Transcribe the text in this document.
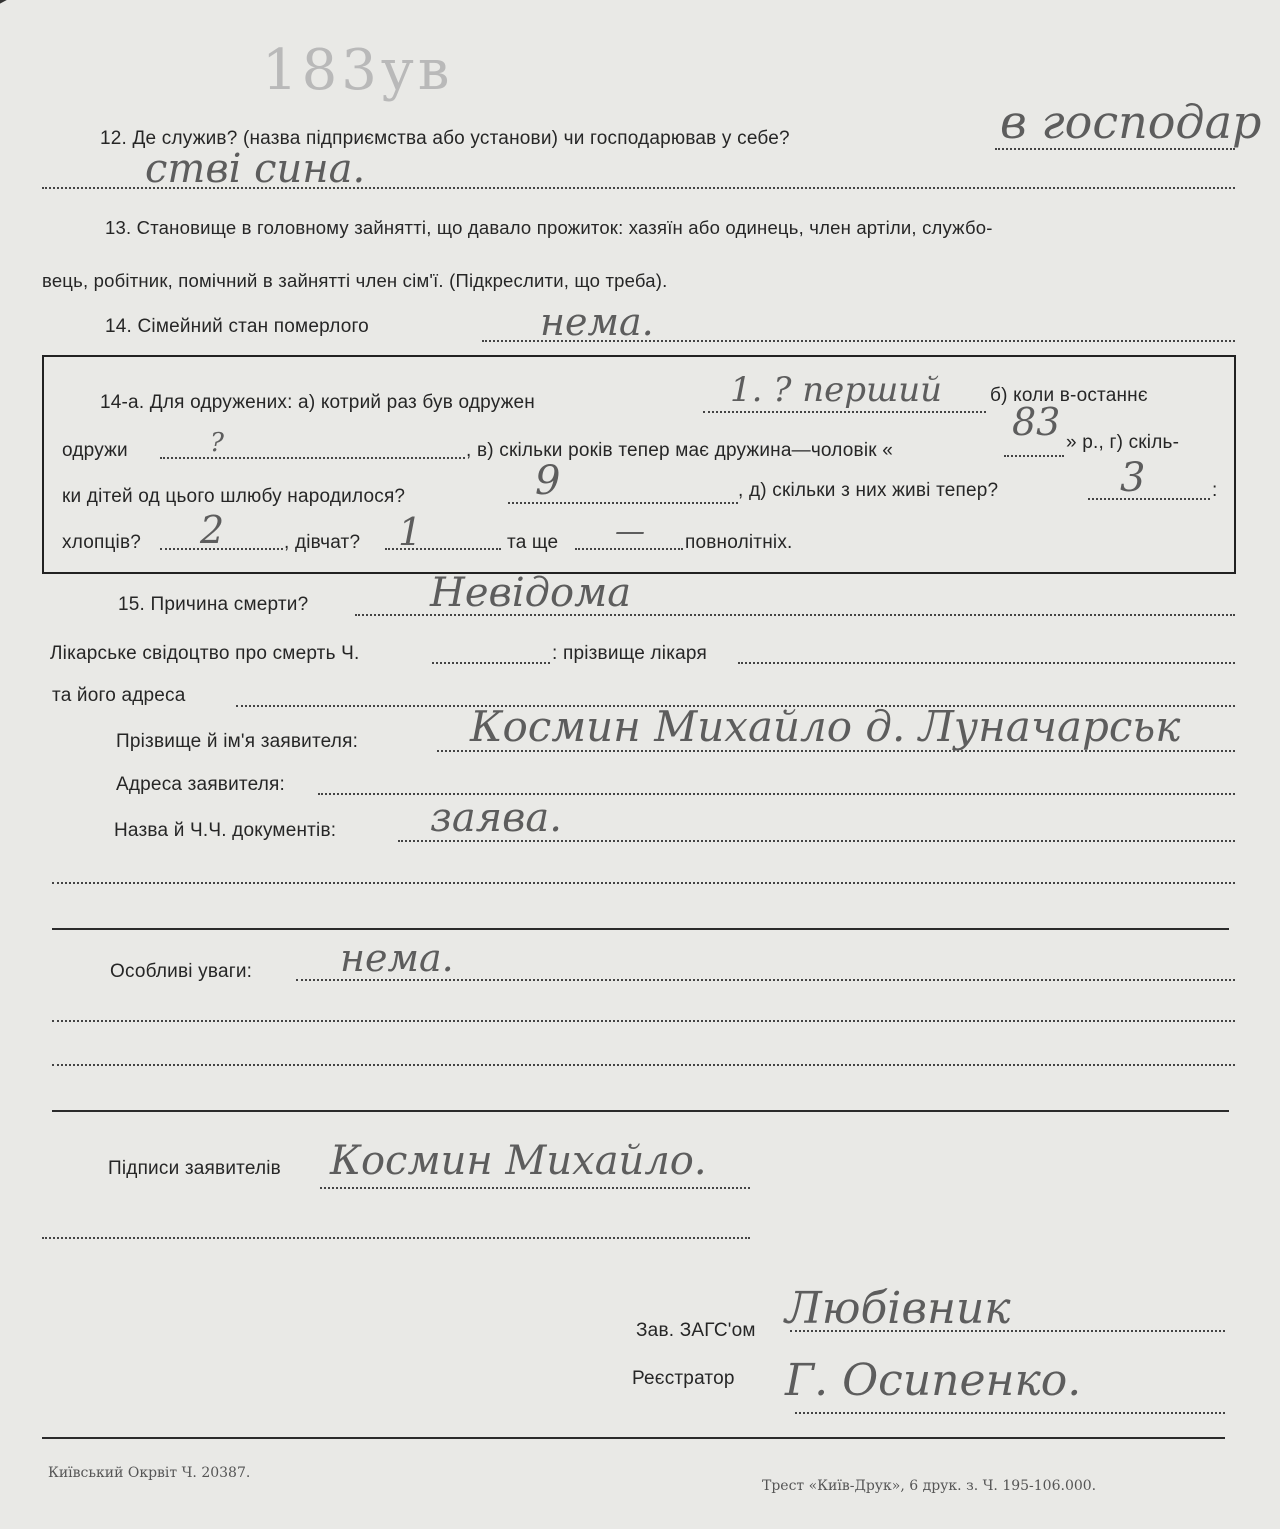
183ув
12. Де служив? (назва підприємства або установи) чи господарював у себе?	в господар
стві сина.
13. Становище в головному зайнятті, що давало прожиток: хазяїн або одинець, член артіли, службо-
вець, робітник, помічний в зайнятті член сім'ї. (Підкреслити, що треба).
14. Сімейний стан померлого	нема.
14-а. Для одружених: а) котрий раз був одружен	1. ? перший	б) коли в-останнє
одружи	?	, в) скільки років тепер має дружина—чоловік «
83 » р., г) скіль-
ки дітей од цього шлюбу народилося?	9	, д) скільки з них живі тепер?	3	:
хлопців? 2	, дівчат? 1	та ще — повнолітніх.
15. Причина смерти?	Невідома
Лікарське свідоцтво про смерть Ч.	: прізвище лікаря
та його адреса
Прізвище й ім'я заявителя:	Космин Михайло д. Луначарськ
Адреса заявителя:
Назва й Ч.Ч. документів: заява.
Особливі уваги: нема.
Підписи заявителів Космин Михайло.
Зав. ЗАГС'ом Любівник
Реєстратор Г. Осипенко.
Київський Окрвіт Ч. 20387.
Трест «Київ-Друк», 6 друк. з. Ч. 195-106.000.
